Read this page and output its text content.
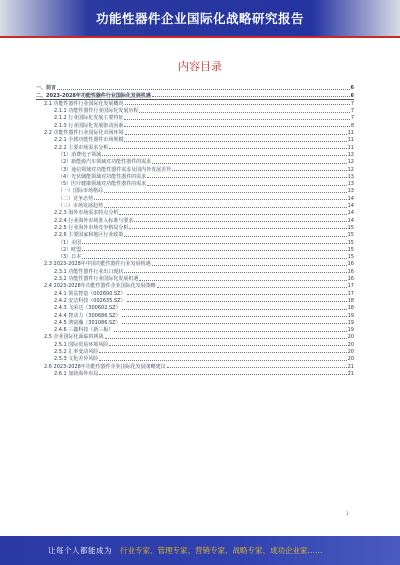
功能性器件企业国际化战略研究报告
内容目录
一、前言	6
二、2023-2028年功能性器件行业国际化发展机遇	6
2.1 功能性器件行业国际化发展概况	7
2.1.1 功能性器件行业国际化发展历程	7
2.1.2 行业国际化发展主要特征	7
2.1.3 行业国际化发展驱动因素	8
2.2 功能性器件行业国际化市场环境	11
2.2.1 全球功能性器件市场规模	11
2.2.2 主要市场需求分析	11
（1）消费电子领域	12
（2）新能源汽车领域对功能性器件的需求	12
（3）通信领域对功能性器件需求及国内外发展差异	12
（4）光伏储能领域对功能性器件的需求	13
（5）医疗健康领域对功能性器件的需求	13
（一）国际市场格局	13
（二）竞争态势	14
（三）市场发展趋势	14
2.2.3 海外市场需求特点分析	14
2.2.4 行业海外市场准入标准与要求	14
2.2.5 行业海外市场竞争格局分析	15
2.2.6 主要国家和地区行业政策	15
（1）美国	15
（2）欧盟	15
（3）日本	15
2.3 2023-2028年中国功能性器件行业发展机遇	16
2.3.1 功能性器件行业出口现状	16
2.3.2 功能性器件行业国际化发展机遇	16
2.4 2023-2028年功能性器件企业国际化发展策略	17
2.4.1 领益智造（002600.SZ）	17
2.4.2 安洁科技（002635.SZ）	18
2.4.3 飞荣达（300602.SZ）	18
2.4.4 智动力（300686.SZ）	19
2.4.5 鸿富瀚（301086.SZ）	19
2.4.6 三鑫科技（新三板）	19
2.5 企业国际化面临的挑战	20
2.5.1 国际贸易环境风险	20
2.5.2 汇率变动风险	20
2.5.3 文化差异风险	20
2.6 2023-2028年功能性器件企业国际化发展策略建议	21
2.6.1 加快海外布局	21
1
让每个人都能成为 行业专家、管理专家、营销专家、战略专家、成功企业家……
